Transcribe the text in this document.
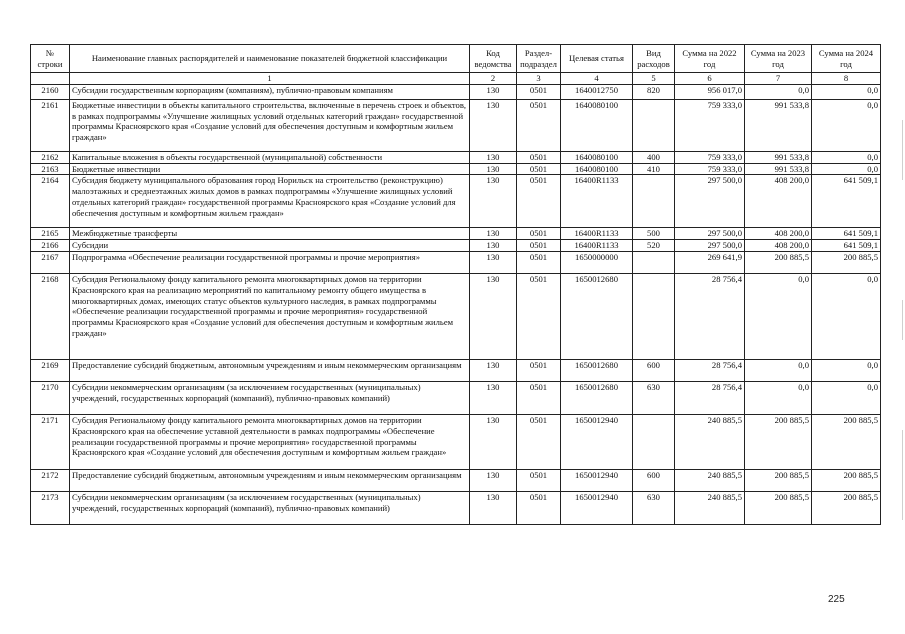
№ строки	Наименование главных распорядителей и наименование показателей бюджетной классификации	Код ведомства	Раздел-подраздел	Целевая статья	Вид расходов	Сумма на 2022 год	Сумма на 2023 год	Сумма на 2024 год
	1	2	3	4	5	6	7	8
2160	Субсидии государственным корпорациям (компаниям), публично-правовым компаниям	130	0501	1640012750	820	956 017,0	0,0	0,0
2161	Бюджетные инвестиции в объекты капитального строительства, включенные в перечень строек и объектов, в рамках подпрограммы «Улучшение жилищных условий отдельных категорий граждан» государственной программы Красноярского края «Создание условий для обеспечения доступным и комфортным жильем граждан»	130	0501	1640080100		759 333,0	991 533,8	0,0
2162	Капитальные вложения в объекты государственной (муниципальной) собственности	130	0501	1640080100	400	759 333,0	991 533,8	0,0
2163	Бюджетные инвестиции	130	0501	1640080100	410	759 333,0	991 533,8	0,0
2164	Субсидия бюджету муниципального образования город Норильск на строительство (реконструкцию) малоэтажных и среднеэтажных жилых домов в рамках подпрограммы «Улучшение жилищных условий отдельных категорий граждан» государственной программы Красноярского края «Создание условий для обеспечения доступным и комфортным жильем граждан»	130	0501	16400R1133		297 500,0	408 200,0	641 509,1
2165	Межбюджетные трансферты	130	0501	16400R1133	500	297 500,0	408 200,0	641 509,1
2166	Субсидии	130	0501	16400R1133	520	297 500,0	408 200,0	641 509,1
2167	Подпрограмма «Обеспечение реализации государственной программы и прочие мероприятия»	130	0501	1650000000		269 641,9	200 885,5	200 885,5
2168	Субсидия Региональному фонду капитального ремонта многоквартирных домов на территории Красноярского края на реализацию мероприятий по капитальному ремонту общего имущества в многоквартирных домах, имеющих статус объектов культурного наследия, в рамках подпрограммы «Обеспечение реализации государственной программы и прочие мероприятия» государственной программы Красноярского края «Создание условий для обеспечения доступным и комфортным жильем граждан»	130	0501	1650012680		28 756,4	0,0	0,0
2169	Предоставление субсидий бюджетным, автономным учреждениям и иным некоммерческим организациям	130	0501	1650012680	600	28 756,4	0,0	0,0
2170	Субсидии некоммерческим организациям (за исключением государственных (муниципальных) учреждений, государственных корпораций (компаний), публично-правовых компаний)	130	0501	1650012680	630	28 756,4	0,0	0,0
2171	Субсидия Региональному фонду капитального ремонта многоквартирных домов на территории Красноярского края на обеспечение уставной деятельности в рамках подпрограммы «Обеспечение реализации государственной программы и прочие мероприятия» государственной программы Красноярского края «Создание условий для обеспечения доступным и комфортным жильем граждан»	130	0501	1650012940		240 885,5	200 885,5	200 885,5
2172	Предоставление субсидий бюджетным, автономным учреждениям и иным некоммерческим организациям	130	0501	1650012940	600	240 885,5	200 885,5	200 885,5
2173	Субсидии некоммерческим организациям (за исключением государственных (муниципальных) учреждений, государственных корпораций (компаний), публично-правовых компаний)	130	0501	1650012940	630	240 885,5	200 885,5	200 885,5
225
